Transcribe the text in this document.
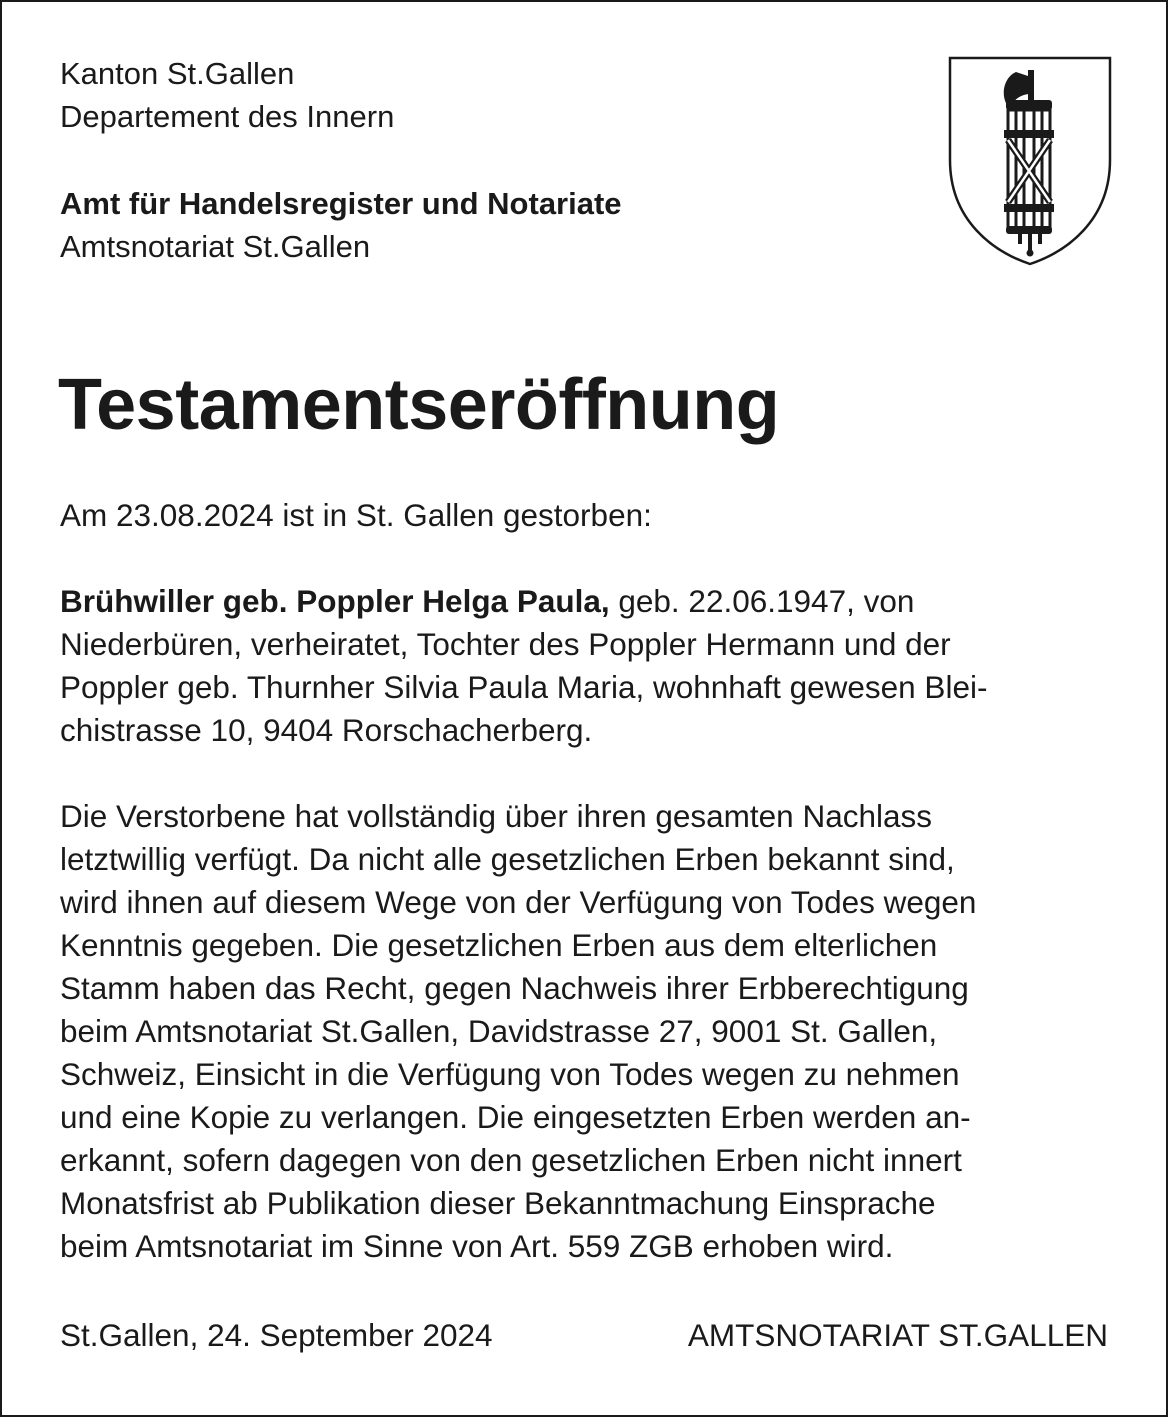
Kanton St.Gallen
Departement des Innern
Amt für Handelsregister und Notariate
Amtsnotariat St.Gallen
Testamentseröffnung
Am 23.08.2024 ist in St. Gallen gestorben:
Brühwiller geb. Poppler Helga Paula, geb. 22.06.1947, von
Niederbüren, verheiratet, Tochter des Poppler Hermann und der
Poppler geb. Thurnher Silvia Paula Maria, wohnhaft gewesen Blei-
chistrasse 10, 9404 Rorschacherberg.
Die Verstorbene hat vollständig über ihren gesamten Nachlass
letztwillig verfügt. Da nicht alle gesetzlichen Erben bekannt sind,
wird ihnen auf diesem Wege von der Verfügung von Todes wegen
Kenntnis gegeben. Die gesetzlichen Erben aus dem elterlichen
Stamm haben das Recht, gegen Nachweis ihrer Erbberechtigung
beim Amtsnotariat St.Gallen, Davidstrasse 27, 9001 St. Gallen,
Schweiz, Einsicht in die Verfügung von Todes wegen zu nehmen
und eine Kopie zu verlangen. Die eingesetzten Erben werden an-
erkannt, sofern dagegen von den gesetzlichen Erben nicht innert
Monatsfrist ab Publikation dieser Bekanntmachung Einsprache
beim Amtsnotariat im Sinne von Art. 559 ZGB erhoben wird.
St.Gallen, 24. September 2024	AMTSNOTARIAT ST.GALLEN
